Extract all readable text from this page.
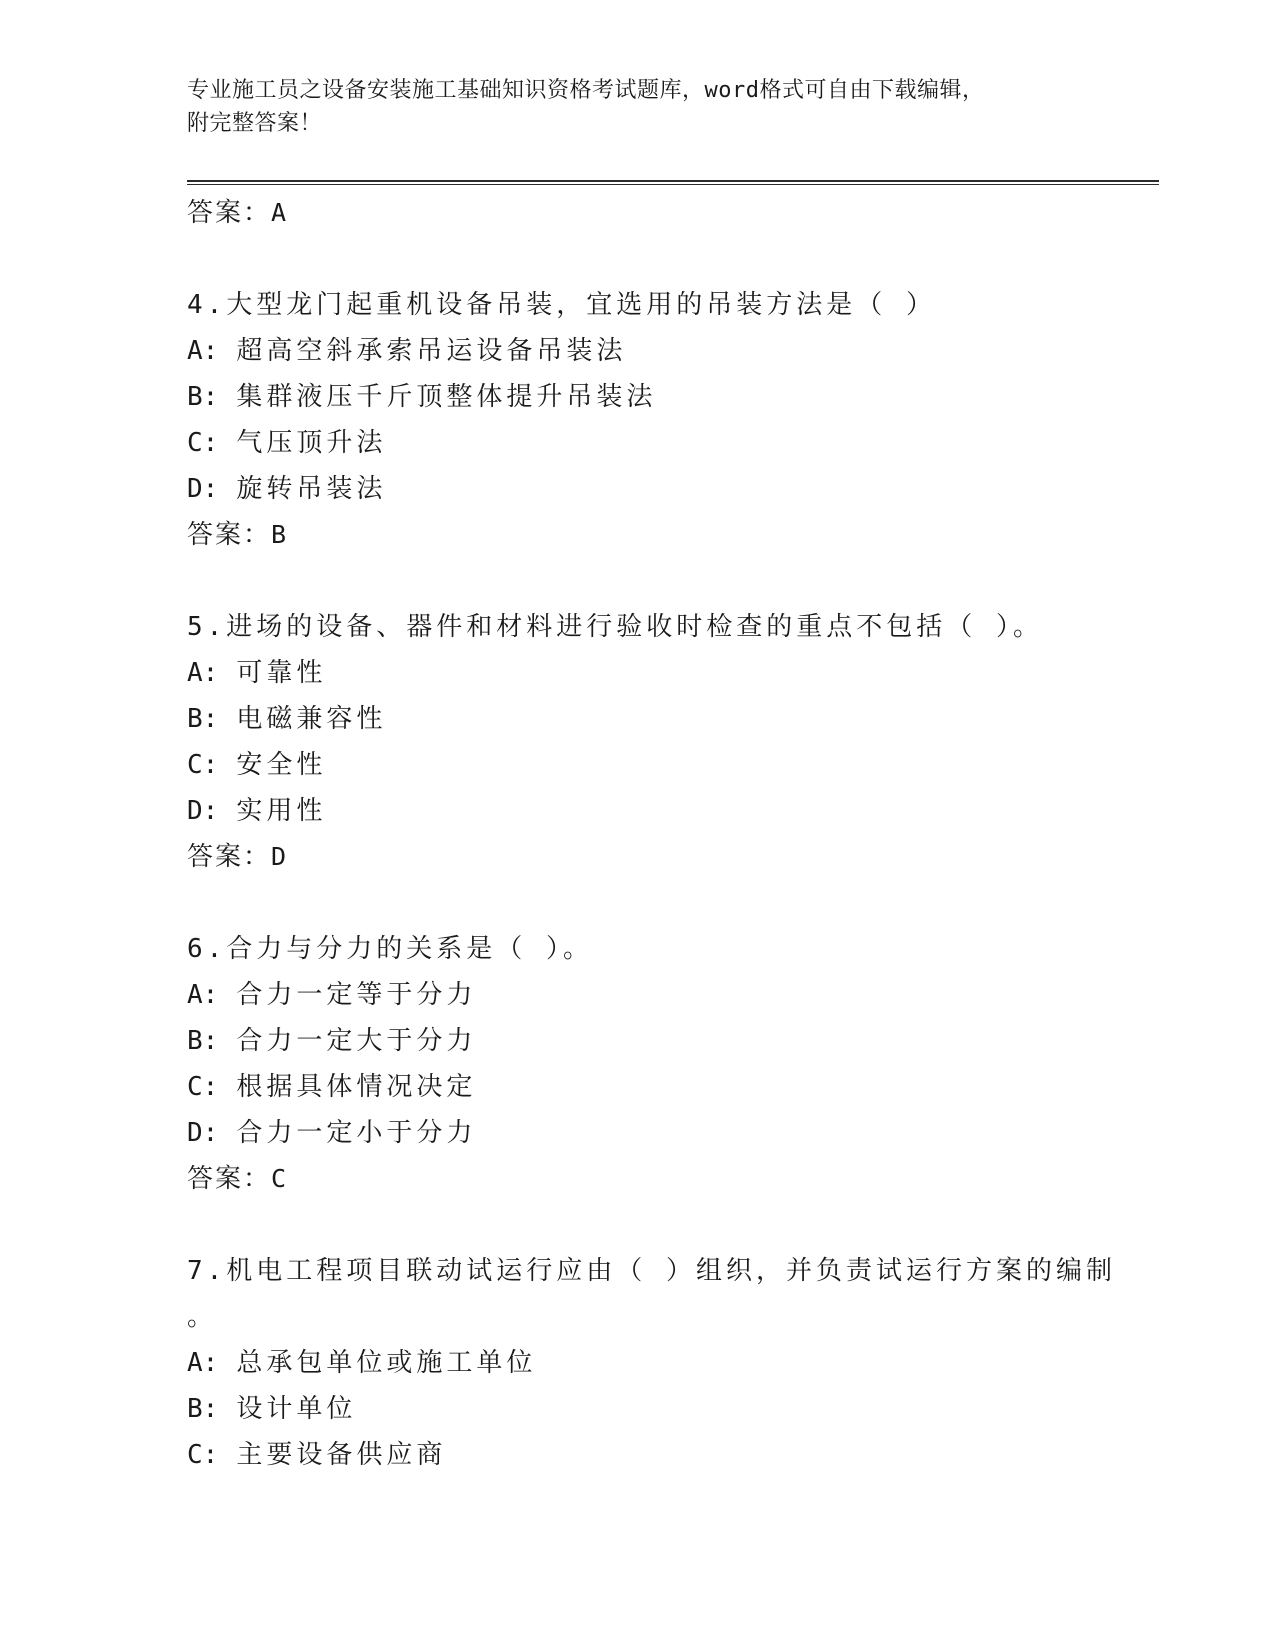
专业施工员之设备安装施工基础知识资格考试题库，word格式可自由下载编辑，
附完整答案！
答案：A
4.大型龙门起重机设备吊装，宜选用的吊装方法是（ ）
A: 超高空斜承索吊运设备吊装法
B: 集群液压千斤顶整体提升吊装法
C: 气压顶升法
D: 旋转吊装法
答案：B
5.进场的设备、器件和材料进行验收时检查的重点不包括（ ）。
A: 可靠性
B: 电磁兼容性
C: 安全性
D: 实用性
答案：D
6.合力与分力的关系是（ ）。
A: 合力一定等于分力
B: 合力一定大于分力
C: 根据具体情况决定
D: 合力一定小于分力
答案：C
7.机电工程项目联动试运行应由（ ）组织，并负责试运行方案的编制
。
A: 总承包单位或施工单位
B: 设计单位
C: 主要设备供应商
